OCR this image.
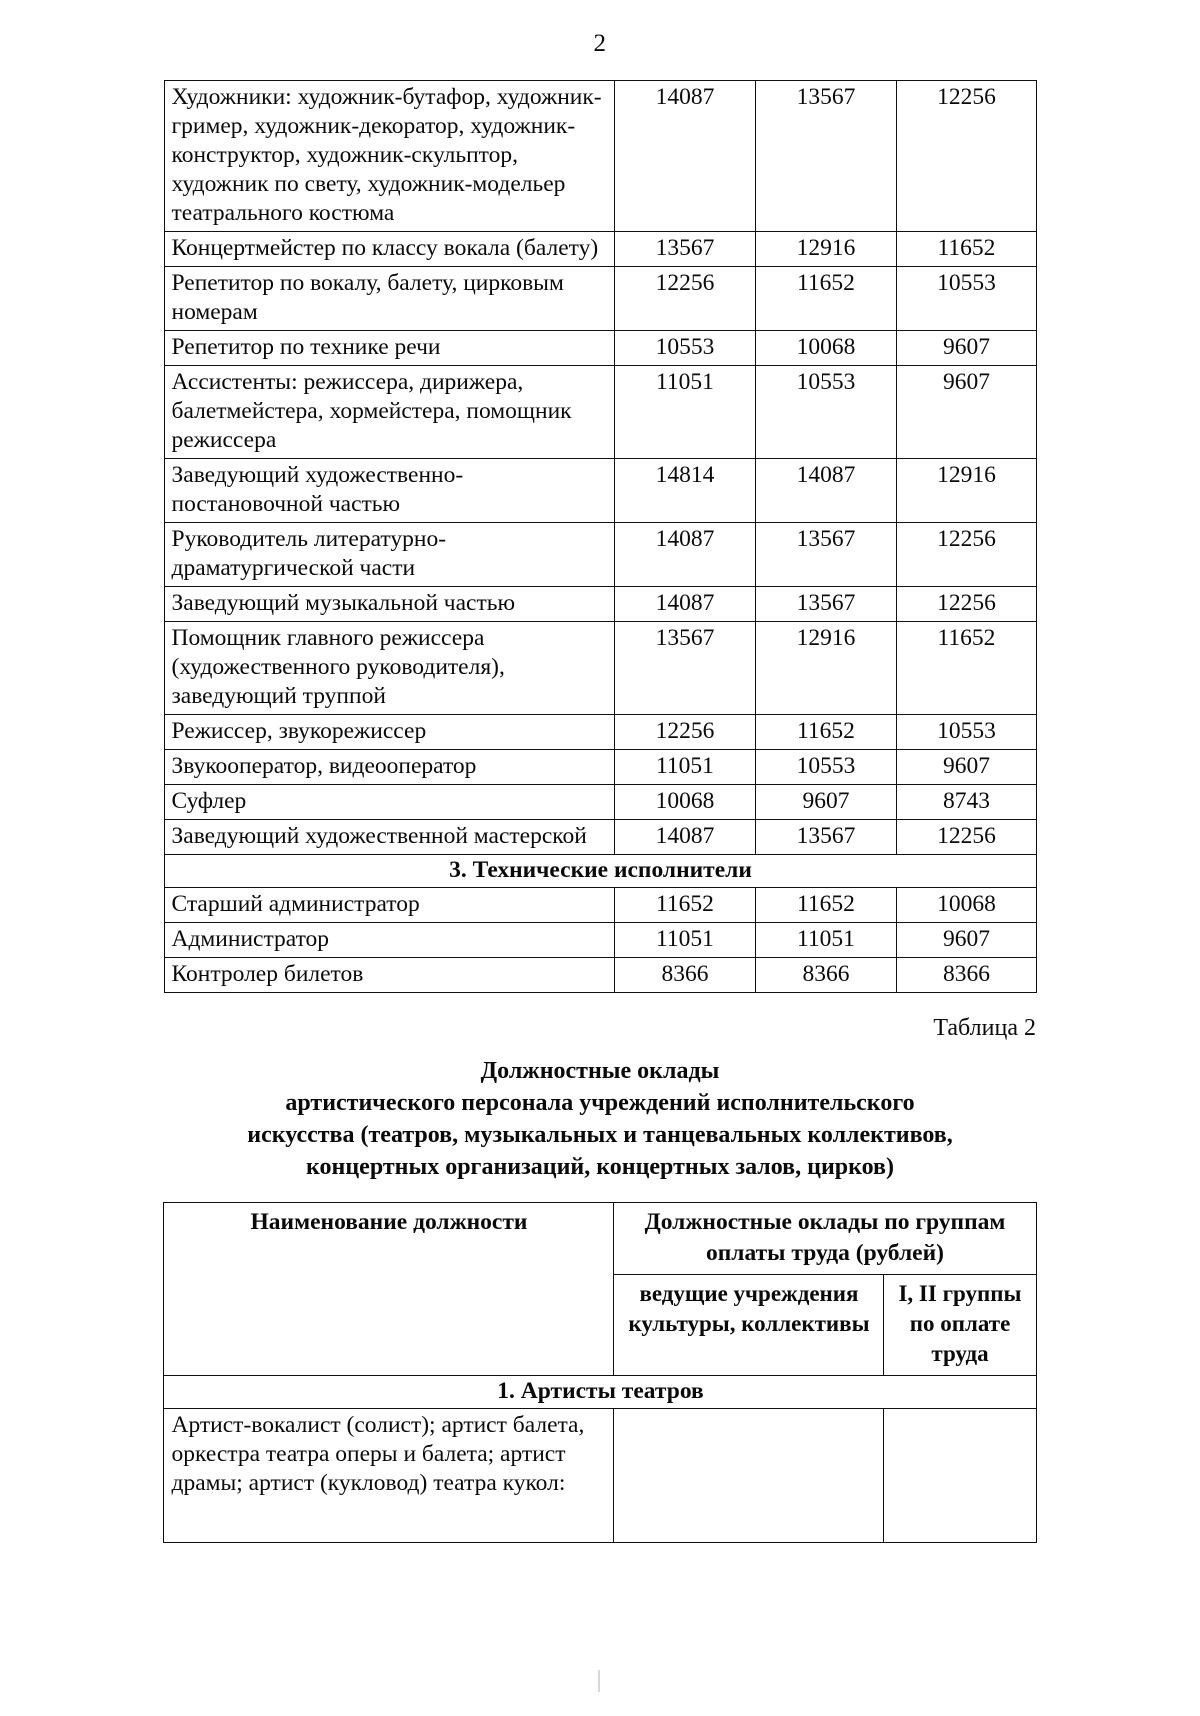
2
Художники: художник-бутафор, художник-гример, художник-декоратор, художник-конструктор, художник-скульптор, художник по свету, художник-модельер театрального костюма	14087	13567	12256
Концертмейстер по классу вокала (балету)	13567	12916	11652
Репетитор по вокалу, балету, цирковым номерам	12256	11652	10553
Репетитор по технике речи	10553	10068	9607
Ассистенты: режиссера, дирижера, балетмейстера, хормейстера, помощник режиссера	11051	10553	9607
Заведующий художественно-постановочной частью	14814	14087	12916
Руководитель литературно-драматургической части	14087	13567	12256
Заведующий музыкальной частью	14087	13567	12256
Помощник главного режиссера (художественного руководителя), заведующий труппой	13567	12916	11652
Режиссер, звукорежиссер	12256	11652	10553
Звукооператор, видеооператор	11051	10553	9607
Суфлер	10068	9607	8743
Заведующий художественной мастерской	14087	13567	12256
3. Технические исполнители			
Старший администратор	11652	11652	10068
Администратор	11051	11051	9607
Контролер билетов	8366	8366	8366
Таблица 2
Должностные оклады
артистического персонала учреждений исполнительского
искусства (театров, музыкальных и танцевальных коллективов,
концертных организаций, концертных залов, цирков)
Наименование должности	Должностные оклады по группам оплаты труда (рублей)	
	ведущие учреждения культуры, коллективы	I, II группы по оплате труда
1. Артисты театров		
Артист-вокалист (солист); артист балета, оркестра театра оперы и балета; артист драмы; артист (кукловод) театра кукол:		
